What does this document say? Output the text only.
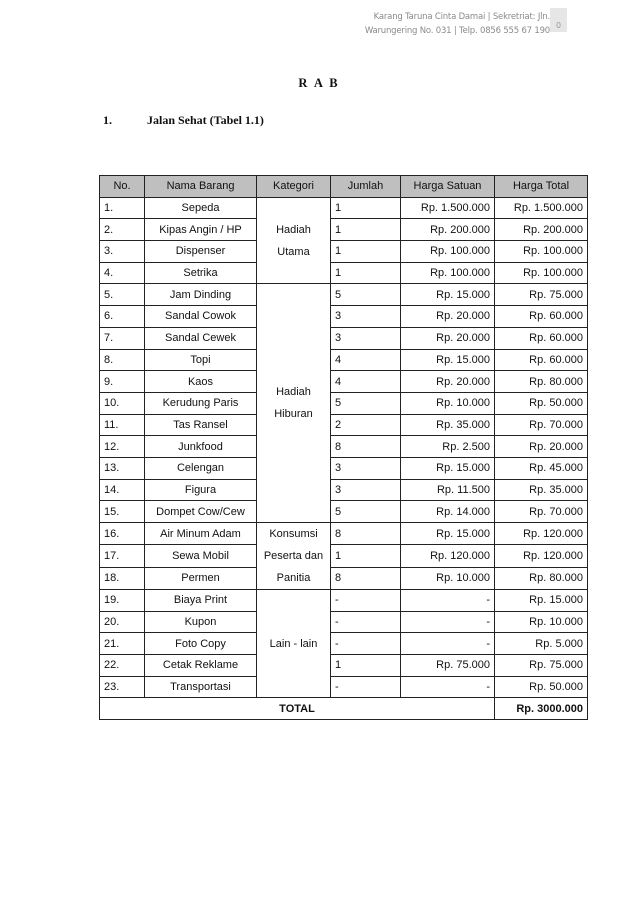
Karang Taruna Cinta Damai | Sekretriat: Jln.
Warungering No. 031 | Telp. 0856 555 67 190
0
R A B
1.	Jalan Sehat (Tabel 1.1)
No.	Nama Barang	Kategori	Jumlah	Harga Satuan	Harga Total
1.	Sepeda	Hadiah Utama	1	Rp. 1.500.000	Rp. 1.500.000
2.	Kipas Angin / HP		1	Rp. 200.000	Rp. 200.000
3.	Dispenser		1	Rp. 100.000	Rp. 100.000
4.	Setrika		1	Rp. 100.000	Rp. 100.000
5.	Jam Dinding	Hadiah Hiburan	5	Rp. 15.000	Rp. 75.000
6.	Sandal Cowok		3	Rp. 20.000	Rp. 60.000
7.	Sandal Cewek		3	Rp. 20.000	Rp. 60.000
8.	Topi		4	Rp. 15.000	Rp. 60.000
9.	Kaos		4	Rp. 20.000	Rp. 80.000
10.	Kerudung Paris		5	Rp. 10.000	Rp. 50.000
11.	Tas Ransel		2	Rp. 35.000	Rp. 70.000
12.	Junkfood		8	Rp. 2.500	Rp. 20.000
13.	Celengan		3	Rp. 15.000	Rp. 45.000
14.	Figura		3	Rp. 11.500	Rp. 35.000
15.	Dompet Cow/Cew		5	Rp. 14.000	Rp. 70.000
16.	Air Minum Adam	Konsumsi Peserta dan Panitia	8	Rp. 15.000	Rp. 120.000
17.	Sewa Mobil		1	Rp. 120.000	Rp. 120.000
18.	Permen		8	Rp. 10.000	Rp. 80.000
19.	Biaya Print	Lain - lain	-	-	Rp. 15.000
20.	Kupon		-	-	Rp. 10.000
21.	Foto Copy		-	-	Rp. 5.000
22.	Cetak Reklame		1	Rp. 75.000	Rp. 75.000
23.	Transportasi		-	-	Rp. 50.000
TOTAL					Rp. 3000.000
